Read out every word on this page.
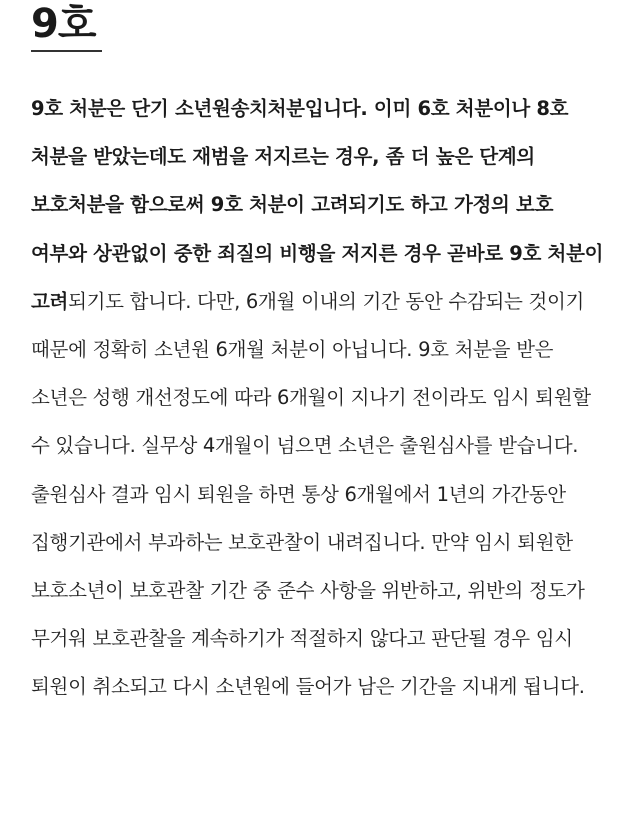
9호

9호 처분은 단기 소년원송치처분입니다. 이미 6호 처분이나 8호 처분을 받았는데도 재범을 저지르는 경우, 좀 더 높은 단계의 보호처분을 함으로써 9호 처분이 고려되기도 하고 가정의 보호 여부와 상관없이 중한 죄질의 비행을 저지른 경우 곧바로 9호 처분이 고려되기도 합니다. 다만, 6개월 이내의 기간 동안 수감되는 것이기 때문에 정확히 소년원 6개월 처분이 아닙니다. 9호 처분을 받은 소년은 성행 개선정도에 따라 6개월이 지나기 전이라도 임시 퇴원할 수 있습니다. 실무상 4개월이 넘으면 소년은 출원심사를 받습니다. 출원심사 결과 임시 퇴원을 하면 통상 6개월에서 1년의 가간동안 집행기관에서 부과하는 보호관찰이 내려집니다. 만약 임시 퇴원한 보호소년이 보호관찰 기간 중 준수 사항을 위반하고, 위반의 정도가 무거워 보호관찰을 계속하기가 적절하지 않다고 판단될 경우 임시 퇴원이 취소되고 다시 소년원에 들어가 남은 기간을 지내게 됩니다.
